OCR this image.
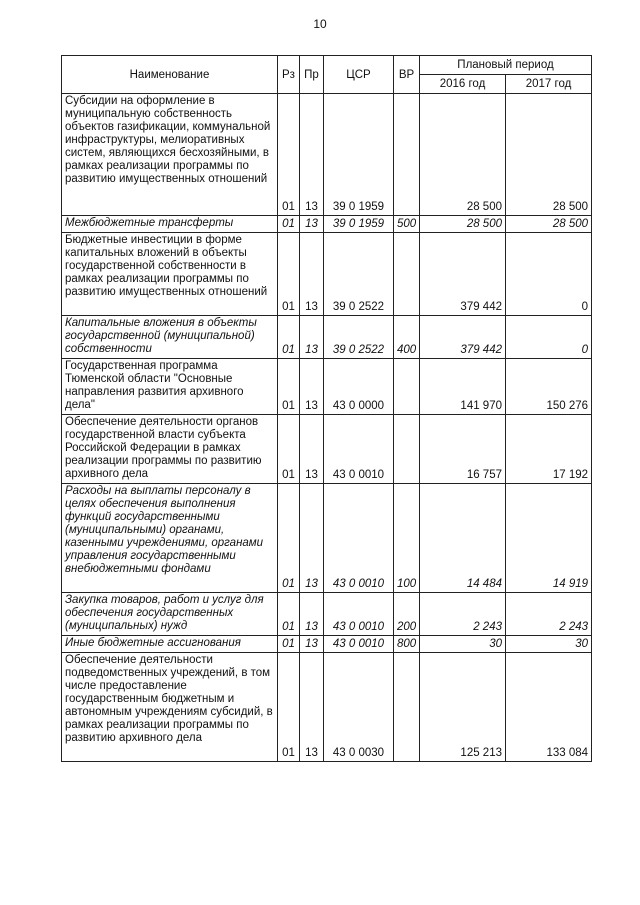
10
Наименование	Рз	Пр	ЦСР	ВР	Плановый период	
					2016 год	2017 год
Субсидии на оформление в муниципальную собственность объектов газификации, коммунальной инфраструктуры, мелиоративных систем, являющихся бесхозяйными, в рамках реализации программы по развитию имущественных отношений	01	13	39 0 1959		28 500	28 500
Межбюджетные трансферты	01	13	39 0 1959	500	28 500	28 500
Бюджетные инвестиции в форме капитальных вложений в объекты государственной собственности в рамках реализации программы по развитию имущественных отношений	01	13	39 0 2522		379 442	0
Капитальные вложения в объекты государственной (муниципальной) собственности	01	13	39 0 2522	400	379 442	0
Государственная программа Тюменской области "Основные направления развития архивного дела"	01	13	43 0 0000		141 970	150 276
Обеспечение деятельности органов государственной власти субъекта Российской Федерации в рамках реализации программы по развитию архивного дела	01	13	43 0 0010		16 757	17 192
Расходы на выплаты персоналу в целях обеспечения выполнения функций государственными (муниципальными) органами, казенными учреждениями, органами управления государственными внебюджетными фондами	01	13	43 0 0010	100	14 484	14 919
Закупка товаров, работ и услуг для обеспечения государственных (муниципальных) нужд	01	13	43 0 0010	200	2 243	2 243
Иные бюджетные ассигнования	01	13	43 0 0010	800	30	30
Обеспечение деятельности подведомственных учреждений, в том числе предоставление государственным бюджетным и автономным учреждениям субсидий, в рамках реализации программы по развитию архивного дела	01	13	43 0 0030		125 213	133 084
